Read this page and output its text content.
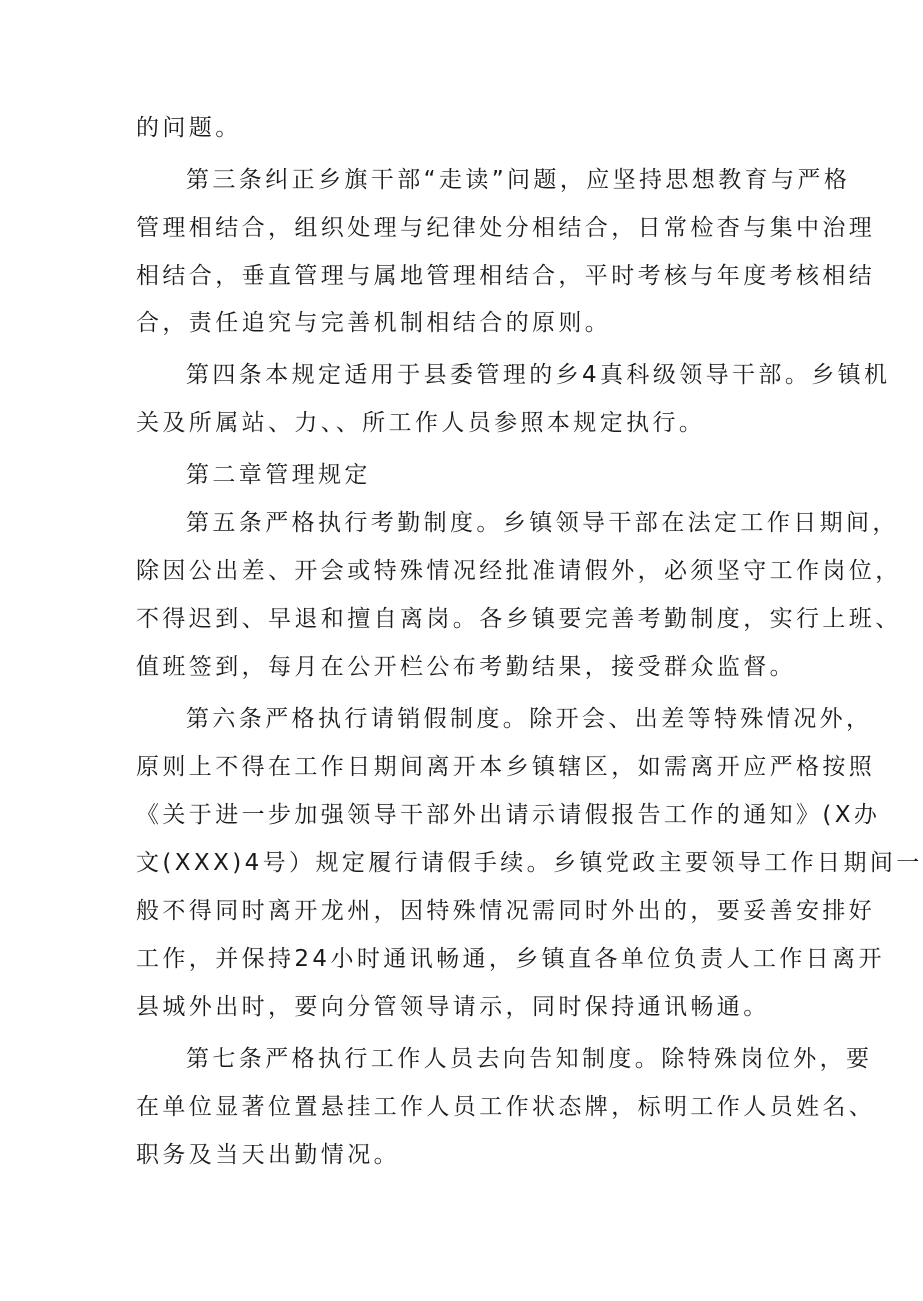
的问题。
第三条纠正乡旗干部“走读”问题，应坚持思想教育与严格
管理相结合，组织处理与纪律处分相结合，日常检杳与集中治理
相结合，垂直管理与属地管理相结合，平时考核与年度考核相结
合，责任追究与完善机制相结合的原则。
第四条本规定适用于县委管理的乡4真科级领导干部。乡镇机
关及所属站、力、、所工作人员参照本规定执行。
第二章管理规定
第五条严格执行考勤制度。乡镇领导干部在法定工作日期间，
除因公出差、开会或特殊情况经批准请假外，必须坚守工作岗位，
不得迟到、早退和擅自离岗。各乡镇要完善考勤制度，实行上班、
值班签到，每月在公开栏公布考勤结果，接受群众监督。
第六条严格执行请销假制度。除开会、出差等特殊情况外，
原则上不得在工作日期间离开本乡镇辖区，如需离开应严格按照
《关于进一步加强领导干部外出请示请假报告工作的通知》(X办
文(XXX)4号）规定履行请假手续。乡镇党政主要领导工作日期间一
般不得同时离开龙州，因特殊情况需同时外出的，要妥善安排好
工作，并保持24小时通讯畅通，乡镇直各单位负责人工作日离开
县城外出时，要向分管领导请示，同时保持通讯畅通。
第七条严格执行工作人员去向告知制度。除特殊岗位外，要
在单位显著位置悬挂工作人员工作状态牌，标明工作人员姓名、
职务及当天出勤情况。
